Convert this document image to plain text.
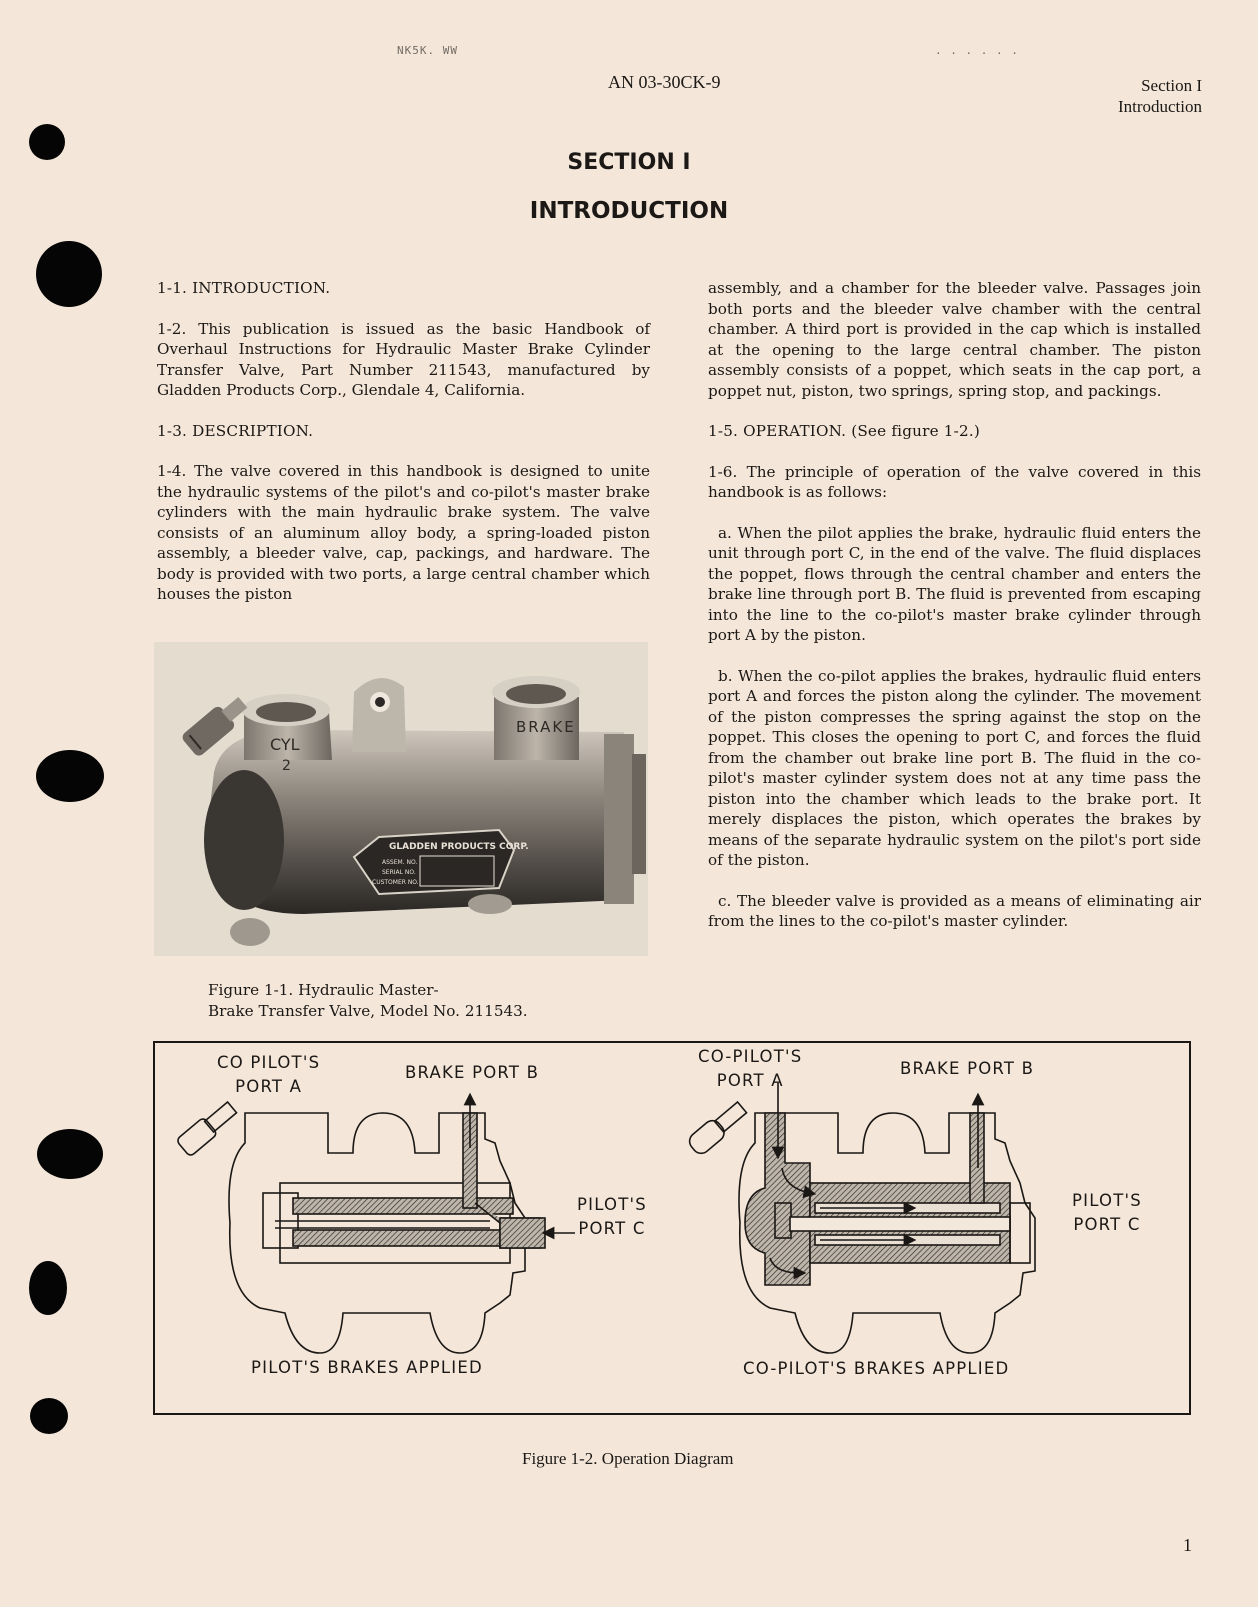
NK5K. WW	. . . . . .
AN 03-30CK-9	Section I
Introduction
SECTION I
INTRODUCTION

1-1. INTRODUCTION.

1-2. This publication is issued as the basic Handbook of Overhaul Instructions for Hydraulic Master Brake Cylinder Transfer Valve, Part Number 211543, manufactured by Gladden Products Corp., Glendale 4, California.

1-3. DESCRIPTION.

1-4. The valve covered in this handbook is designed to unite the hydraulic systems of the pilot's and co-pilot's master brake cylinders with the main hydraulic brake system. The valve consists of an aluminum alloy body, a spring-loaded piston assembly, a bleeder valve, cap, packings, and hardware. The body is provided with two ports, a large central chamber which houses the piston

assembly, and a chamber for the bleeder valve. Passages join both ports and the bleeder valve chamber with the central chamber. A third port is provided in the cap which is installed at the opening to the large central chamber. The piston assembly consists of a poppet, which seats in the cap port, a poppet nut, piston, two springs, spring stop, and packings.

1-5. OPERATION. (See figure 1-2.)

1-6. The principle of operation of the valve covered in this handbook is as follows:

a. When the pilot applies the brake, hydraulic fluid enters the unit through port C, in the end of the valve. The fluid displaces the poppet, flows through the central chamber and enters the brake line through port B. The fluid is prevented from escaping into the line to the co-pilot's master brake cylinder through port A by the piston.

b. When the co-pilot applies the brakes, hydraulic fluid enters port A and forces the piston along the cylinder. The movement of the piston compresses the spring against the stop on the poppet. This closes the opening to port C, and forces the fluid from the chamber out brake line port B. The fluid in the co-pilot's master cylinder system does not at any time pass the piston into the chamber which leads to the brake port. It merely displaces the piston, which operates the brakes by means of the separate hydraulic system on the pilot's port side of the piston.

c. The bleeder valve is provided as a means of eliminating air from the lines to the co-pilot's master cylinder.

CYL
2
BRAKE
GLADDEN PRODUCTS CORP.
ASSEM. NO.
SERIAL NO.
CUSTOMER NO.
Figure 1-1. Hydraulic Master-
Brake Transfer Valve, Model No. 211543.
CO PILOT'S
PORT A
BRAKE PORT B
PILOT'S
PORT C
PILOT'S BRAKES APPLIED
CO-PILOT'S
PORT A
BRAKE PORT B
PILOT'S
PORT C
CO-PILOT'S BRAKES APPLIED
Figure 1-2. Operation Diagram
1
